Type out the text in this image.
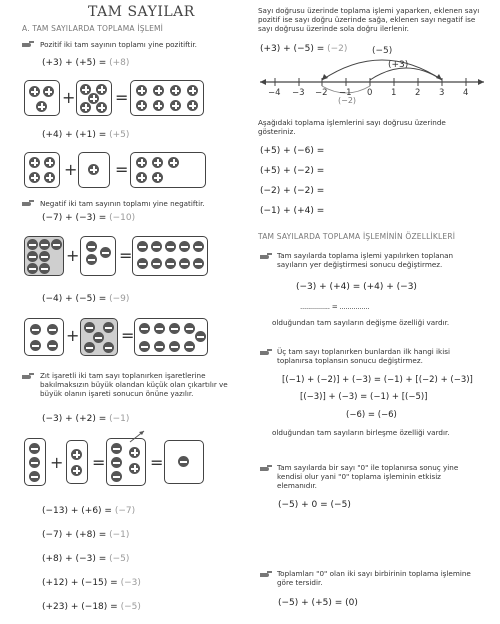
TAM SAYILAR
A. TAM SAYILARDA TOPLAMA İŞLEMİ
Pozitif iki tam sayının toplamı yine pozitiftir.
(+3) + (+5) = (+8)
+ =
(+4) + (+1) = (+5)
+ =
Negatif iki tam sayının toplamı yine negatiftir.
(−7) + (−3) = (−10)
+ =
(−4) + (−5) = (−9)
+	=
Zıt işaretli iki tam sayı toplanırken işaretlerine
bakılmaksızın büyük olandan küçük olan çıkartılır ve
büyük olanın işareti sonucun önüne yazılır.
(−3) + (+2) = (−1)
+ =	=
(−13) + (+6) = (−7)
(−7) + (+8) = (−1)
(+8) + (−3) = (−5)
(+12) + (−15) = (−3)
(+23) + (−18) = (−5)
Sayı doğrusu üzerinde toplama işlemi yaparken, eklenen sayı
pozitif ise sayı doğru üzerinde sağa, eklenen sayı negatif ise
sayı doğrusu üzerinde sola doğru ilerlenir.
(+3) + (−5) = (−2)	(−5)
(+3)
(−2)
−4 −3 −2 −1 0 1 2 3 4
Aşağıdaki toplama işlemlerini sayı doğrusu üzerinde
gösteriniz.
(+5) + (−6) =
(+5) + (−2) =
(−2) + (−2) =
(−1) + (+4) =
TAM SAYILARDA TOPLAMA İŞLEMİNİN ÖZELLİKLERİ
Tam sayılarda toplama işlemi yapılırken toplanan
sayıların yer değiştirmesi sonucu değiştirmez.
(−3) + (+4) = (+4) + (−3)
............... = ...............
olduğundan tam sayıların değişme özelliği vardır.
Üç tam sayı toplanırken bunlardan ilk hangi ikisi
toplanırsa toplansın sonucu değiştirmez.
[(−1) + (−2)] + (−3) = (−1) + [(−2) + (−3)]
[(−3)] + (−3) = (−1) + [(−5)]
(−6) = (−6)
olduğundan tam sayıların birleşme özelliği vardır.
Tam sayılarda bir sayı "0" ile toplanırsa sonuç yine
kendisi olur yani "0" toplama işleminin etkisiz
elemanıdır.
(−5) + 0 = (−5)
Toplamları "0" olan iki sayı birbirinin toplama işlemine
göre tersidir.
(−5) + (+5) = (0)
